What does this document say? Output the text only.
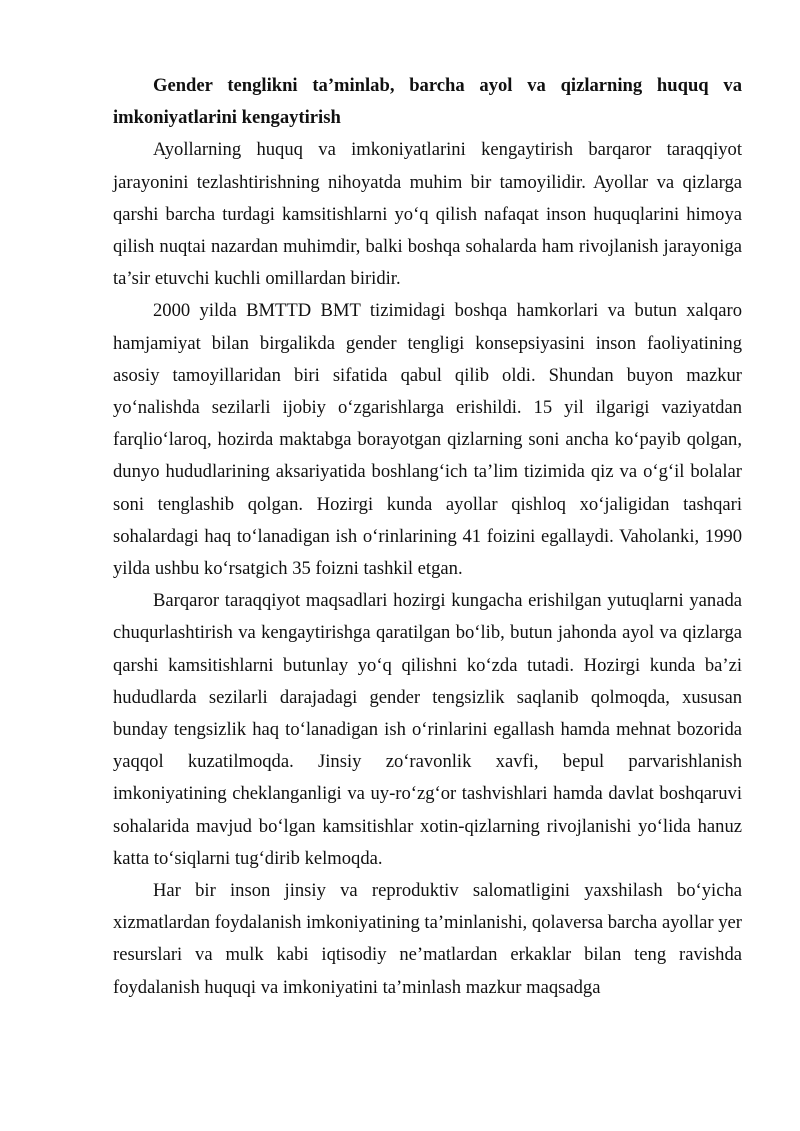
Gender tenglikni ta’minlab, barcha ayol va qizlarning huquq va imkoniyatlarini kengaytirish

Ayollarning huquq va imkoniyatlarini kengaytirish barqaror taraqqiyot jarayonini tezlashtirishning nihoyatda muhim bir tamoyilidir. Ayollar va qizlarga qarshi barcha turdagi kamsitishlarni yo‘q qilish nafaqat inson huquqlarini himoya qilish nuqtai nazardan muhimdir, balki boshqa sohalarda ham rivojlanish jarayoniga ta’sir etuvchi kuchli omillardan biridir.

2000 yilda BMTTD BMT tizimidagi boshqa hamkorlari va butun xalqaro hamjamiyat bilan birgalikda gender tengligi konsepsiyasini inson faoliyatining asosiy tamoyillaridan biri sifatida qabul qilib oldi. Shundan buyon mazkur yo‘nalishda sezilarli ijobiy o‘zgarishlarga erishildi. 15 yil ilgarigi vaziyatdan farqlio‘laroq, hozirda maktabga borayotgan qizlarning soni ancha ko‘payib qolgan, dunyo hududlarining aksariyatida boshlang‘ich ta’lim tizimida qiz va o‘g‘il bolalar soni tenglashib qolgan. Hozirgi kunda ayollar qishloq xo‘jaligidan tashqari sohalardagi haq to‘lanadigan ish o‘rinlarining 41 foizini egallaydi. Vaholanki, 1990 yilda ushbu ko‘rsatgich 35 foizni tashkil etgan.

Barqaror taraqqiyot maqsadlari hozirgi kungacha erishilgan yutuqlarni yanada chuqurlashtirish va kengaytirishga qaratilgan bo‘lib, butun jahonda ayol va qizlarga qarshi kamsitishlarni butunlay yo‘q qilishni ko‘zda tutadi. Hozirgi kunda ba’zi hududlarda sezilarli darajadagi gender tengsizlik saqlanib qolmoqda, xususan bunday tengsizlik haq to‘lanadigan ish o‘rinlarini egallash hamda mehnat bozorida yaqqol kuzatilmoqda. Jinsiy zo‘ravonlik xavfi, bepul parvarishlanish imkoniyatining cheklanganligi va uy-ro‘zg‘or tashvishlari hamda davlat boshqaruvi sohalarida mavjud bo‘lgan kamsitishlar xotin-qizlarning rivojlanishi yo‘lida hanuz katta to‘siqlarni tug‘dirib kelmoqda.

Har bir inson jinsiy va reproduktiv salomatligini yaxshilash bo‘yicha xizmatlardan foydalanish imkoniyatining ta’minlanishi, qolaversa barcha ayollar yer resurslari va mulk kabi iqtisodiy ne’matlardan erkaklar bilan teng ravishda foydalanish huquqi va imkoniyatini ta’minlash mazkur maqsadga
